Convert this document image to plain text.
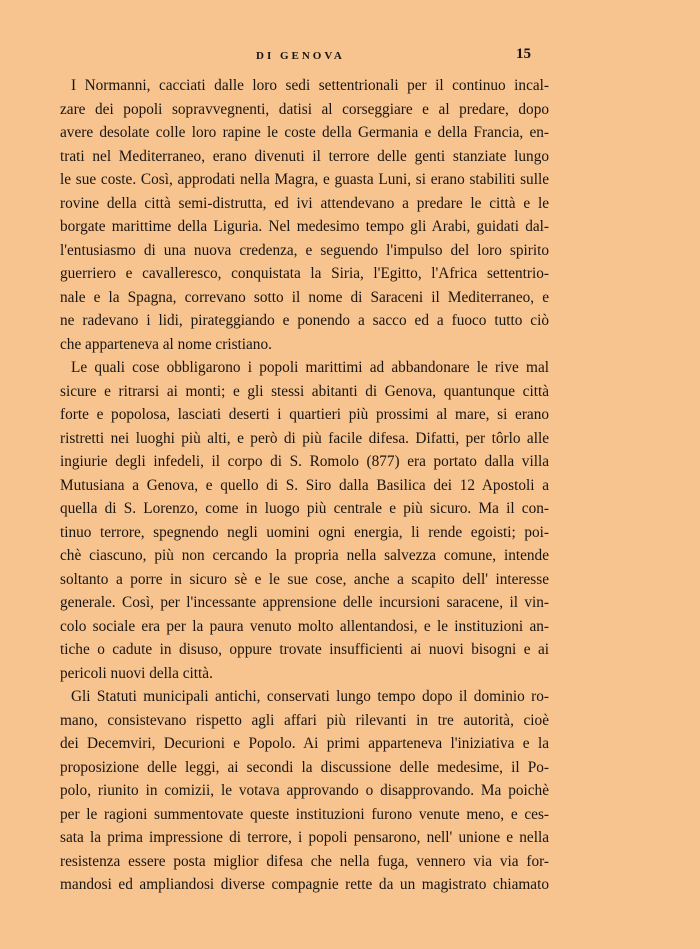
DI GENOVA	15
I Normanni, cacciati dalle loro sedi settentrionali per il continuo incal-
zare dei popoli sopravvegnenti, datisi al corseggiare e al predare, dopo
avere desolate colle loro rapine le coste della Germania e della Francia, en-
trati nel Mediterraneo, erano divenuti il terrore delle genti stanziate lungo
le sue coste. Così, approdati nella Magra, e guasta Luni, si erano stabiliti sulle
rovine della città semi-distrutta, ed ivi attendevano a predare le città e le
borgate marittime della Liguria. Nel medesimo tempo gli Arabi, guidati dal-
l'entusiasmo di una nuova credenza, e seguendo l'impulso del loro spirito
guerriero e cavalleresco, conquistata la Siria, l'Egitto, l'Africa settentrio-
nale e la Spagna, correvano sotto il nome di Saraceni il Mediterraneo, e
ne radevano i lidi, pirateggiando e ponendo a sacco ed a fuoco tutto ciò
che apparteneva al nome cristiano.
Le quali cose obbligarono i popoli marittimi ad abbandonare le rive mal
sicure e ritrarsi ai monti; e gli stessi abitanti di Genova, quantunque città
forte e popolosa, lasciati deserti i quartieri più prossimi al mare, si erano
ristretti nei luoghi più alti, e però di più facile difesa. Difatti, per tôrlo alle
ingiurie degli infedeli, il corpo di S. Romolo (877) era portato dalla villa
Mutusiana a Genova, e quello di S. Siro dalla Basilica dei 12 Apostoli a
quella di S. Lorenzo, come in luogo più centrale e più sicuro. Ma il con-
tinuo terrore, spegnendo negli uomini ogni energia, li rende egoisti; poi-
chè ciascuno, più non cercando la propria nella salvezza comune, intende
soltanto a porre in sicuro sè e le sue cose, anche a scapito dell' interesse
generale. Così, per l'incessante apprensione delle incursioni saracene, il vin-
colo sociale era per la paura venuto molto allentandosi, e le instituzioni an-
tiche o cadute in disuso, oppure trovate insufficienti ai nuovi bisogni e ai
pericoli nuovi della città.
Gli Statuti municipali antichi, conservati lungo tempo dopo il dominio ro-
mano, consistevano rispetto agli affari più rilevanti in tre autorità, cioè
dei Decemviri, Decurioni e Popolo. Ai primi apparteneva l'iniziativa e la
proposizione delle leggi, ai secondi la discussione delle medesime, il Po-
polo, riunito in comizii, le votava approvando o disapprovando. Ma poichè
per le ragioni summentovate queste instituzioni furono venute meno, e ces-
sata la prima impressione di terrore, i popoli pensarono, nell' unione e nella
resistenza essere posta miglior difesa che nella fuga, vennero via via for-
mandosi ed ampliandosi diverse compagnie rette da un magistrato chiamato
